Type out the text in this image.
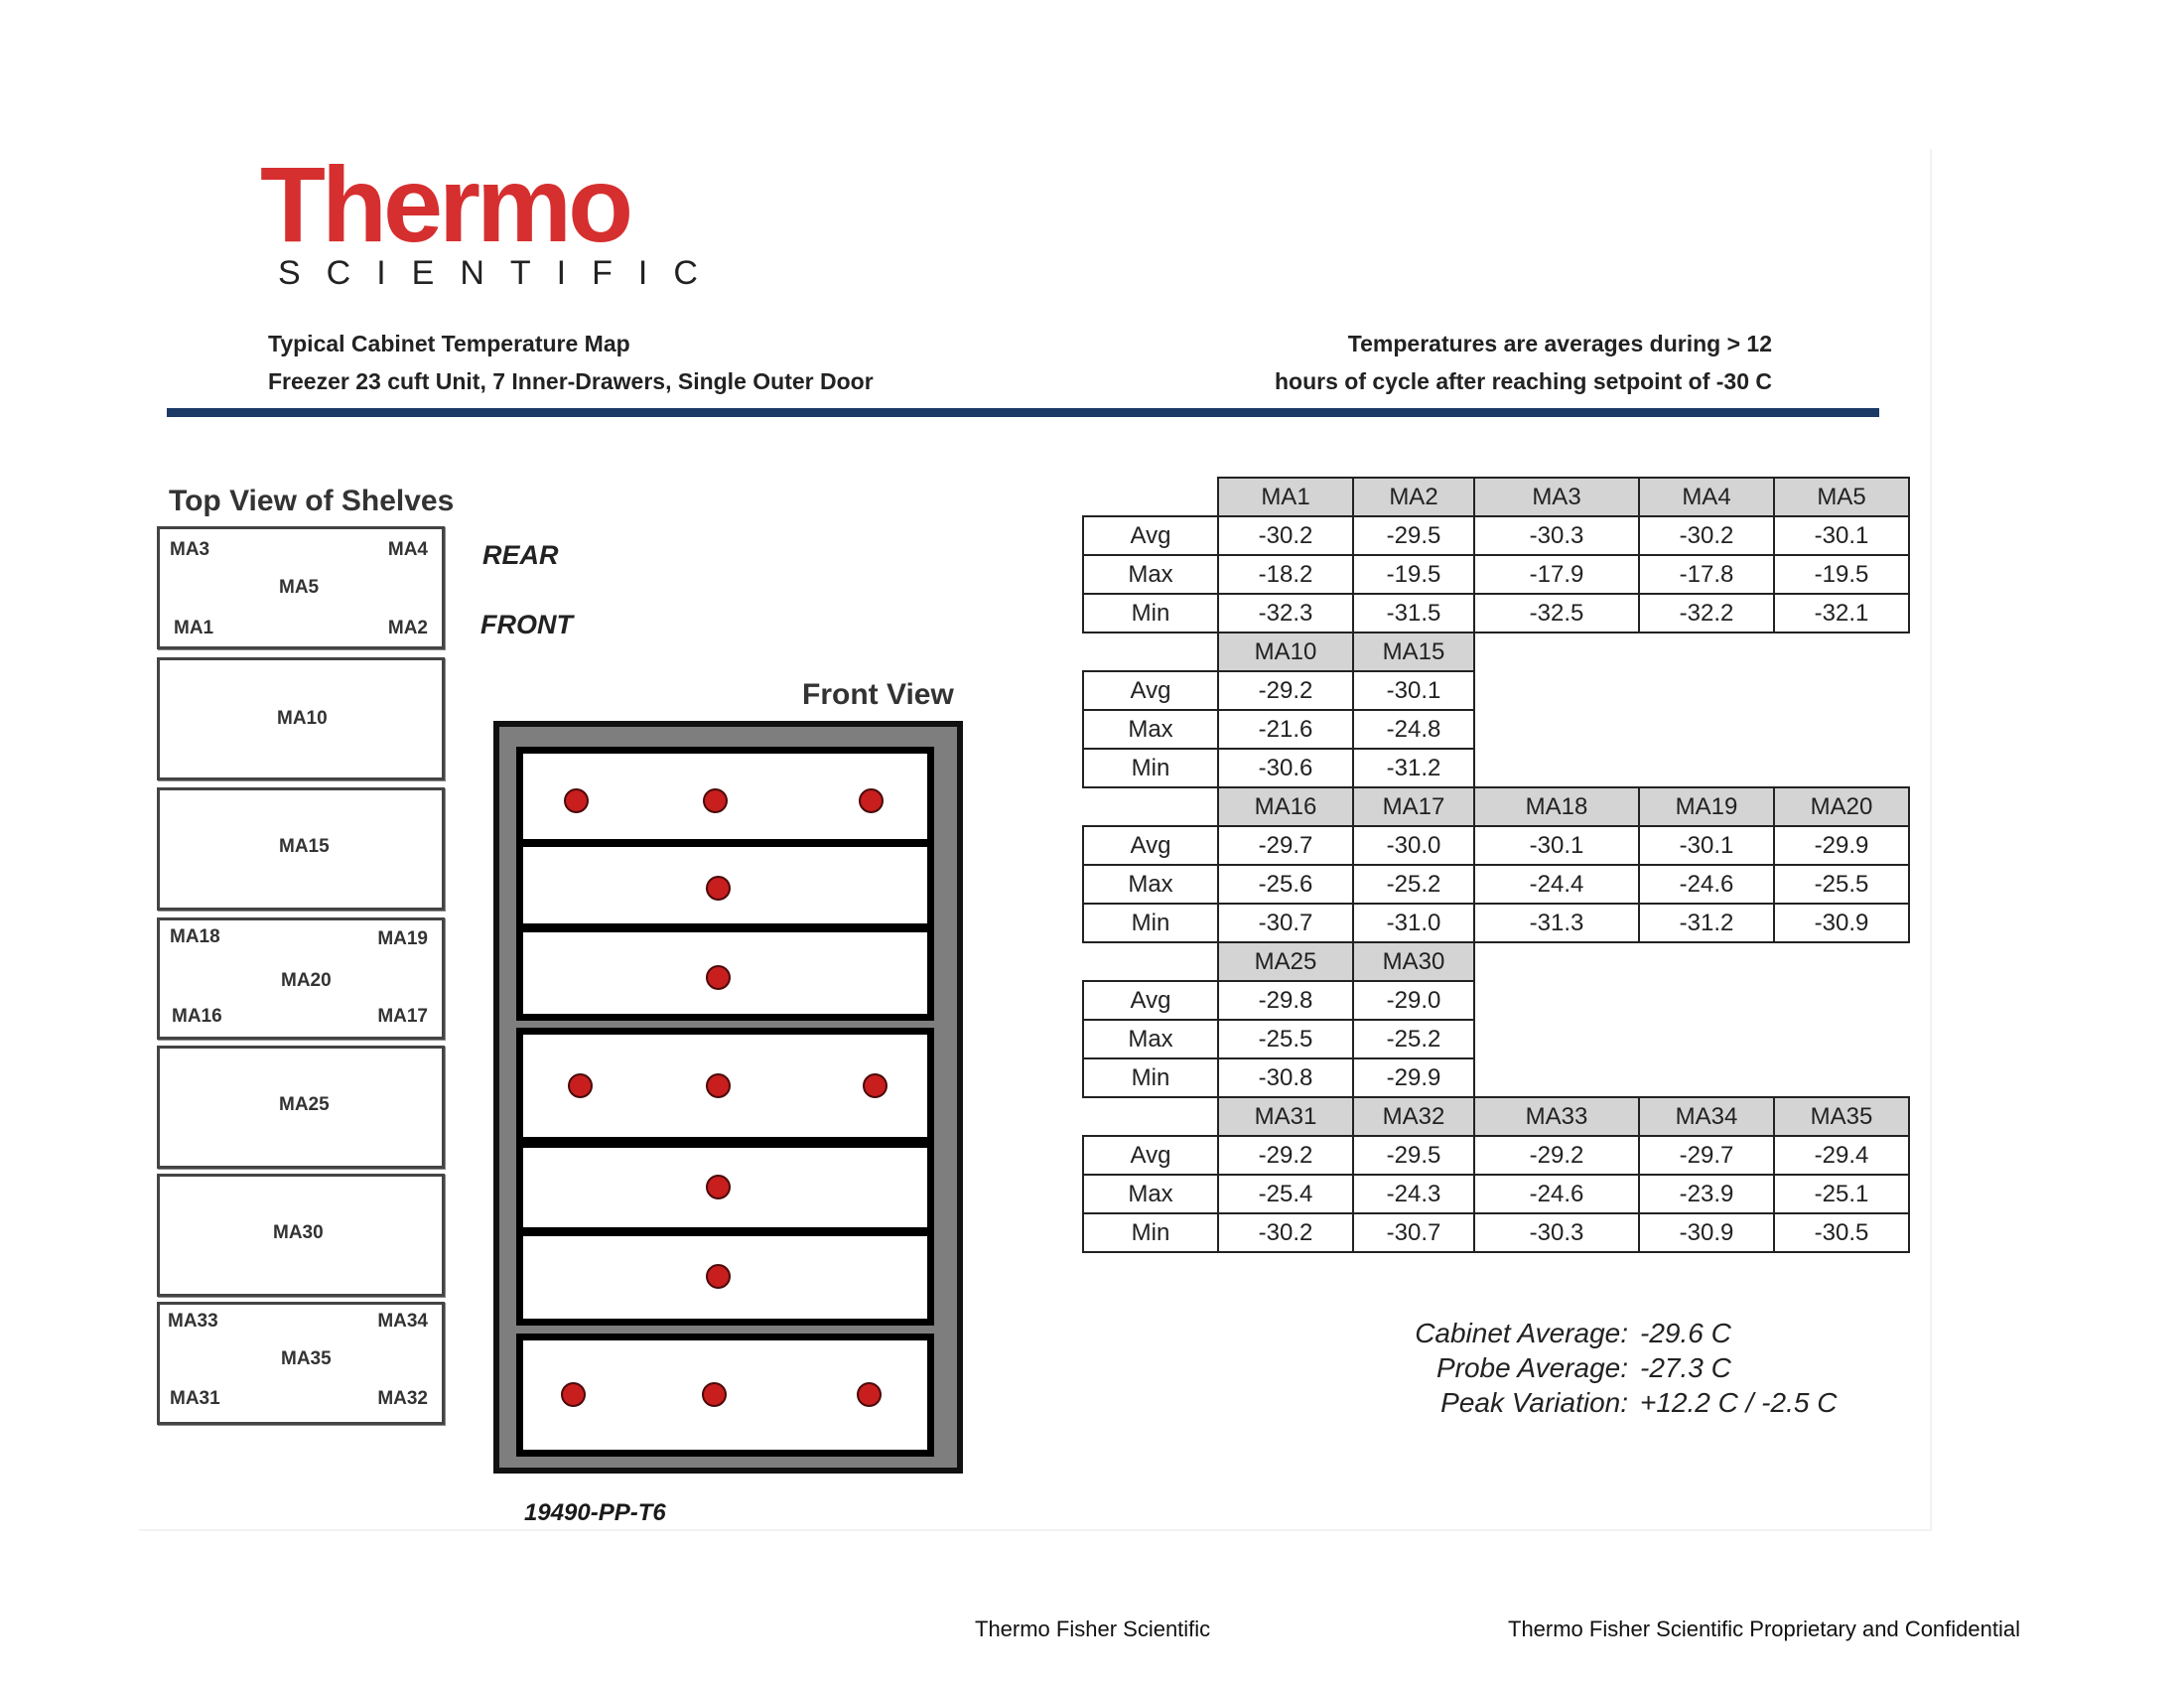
Thermo
SCIENTIFIC
Typical Cabinet Temperature Map
Freezer 23 cuft Unit, 7 Inner-Drawers, Single Outer Door
Temperatures are averages during > 12
hours of cycle after reaching setpoint of -30 C
Top View of Shelves
MA3	MA4
MA5
MA1	MA2
REAR
FRONT
MA10
MA15
MA18	MA19
MA20
MA16	MA17
MA25
MA30
MA33	MA34
MA35
MA31	MA32
Front View
19490-PP-T6
	MA1	MA2	MA3	MA4	MA5
Avg	-30.2	-29.5	-30.3	-30.2	-30.1
Max	-18.2	-19.5	-17.9	-17.8	-19.5
Min	-32.3	-31.5	-32.5	-32.2	-32.1
	MA10	MA15			
Avg	-29.2	-30.1			
Max	-21.6	-24.8			
Min	-30.6	-31.2			
	MA16	MA17	MA18	MA19	MA20
Avg	-29.7	-30.0	-30.1	-30.1	-29.9
Max	-25.6	-25.2	-24.4	-24.6	-25.5
Min	-30.7	-31.0	-31.3	-31.2	-30.9
	MA25	MA30			
Avg	-29.8	-29.0			
Max	-25.5	-25.2			
Min	-30.8	-29.9			
	MA31	MA32	MA33	MA34	MA35
Avg	-29.2	-29.5	-29.2	-29.7	-29.4
Max	-25.4	-24.3	-24.6	-23.9	-25.1
Min	-30.2	-30.7	-30.3	-30.9	-30.5
Cabinet Average: -29.6 C
Probe Average: -27.3 C
Peak Variation: +12.2 C / -2.5 C
Thermo Fisher Scientific	Thermo Fisher Scientific Proprietary and Confidential
